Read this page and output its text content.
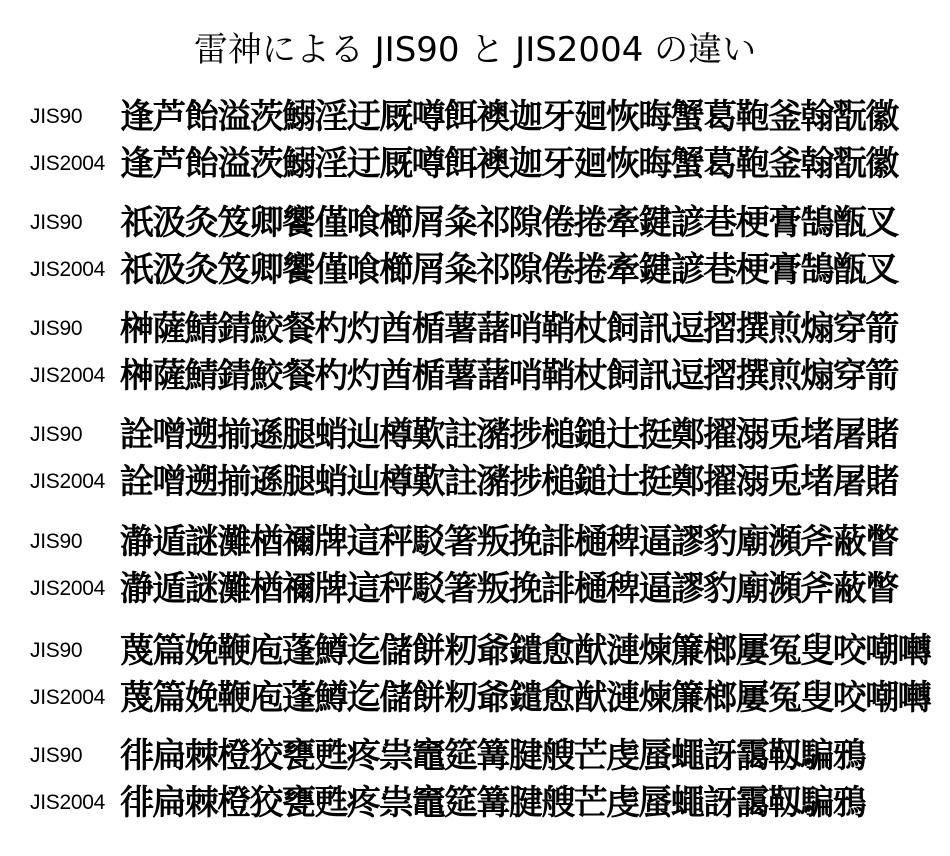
雷神による JIS90 と JIS2004 の違い
JIS90	逢芦飴溢茨鰯淫迂厩噂餌襖迦牙廻恢晦蟹葛鞄釜翰翫徽
JIS2004 逢芦飴溢茨鰯淫迂厩噂餌襖迦牙廻恢晦蟹葛鞄釜翰翫徽
JIS90	祇汲灸笈卿饗僅喰櫛屑粂祁隙倦捲牽鍵諺巷梗膏鵠甑叉
JIS2004 祇汲灸笈卿饗僅喰櫛屑粂祁隙倦捲牽鍵諺巷梗膏鵠甑叉
JIS90	榊薩鯖錆鮫餐杓灼酋楯薯藷哨鞘杖飼訊逗摺撰煎煽穿箭
JIS2004 榊薩鯖錆鮫餐杓灼酋楯薯藷哨鞘杖飼訊逗摺撰煎煽穿箭
JIS90	詮噌遡揃遜腿蛸辿樽歎註瀦捗槌鎚辻挺鄭擢溺兎堵屠賭
JIS2004 詮噌遡揃遜腿蛸辿樽歎註瀦捗槌鎚辻挺鄭擢溺兎堵屠賭
JIS90	瀞遁謎灘楢禰牌這秤駁箸叛挽誹樋稗逼謬豹廟瀕斧蔽瞥
JIS2004 瀞遁謎灘楢禰牌這秤駁箸叛挽誹樋稗逼謬豹廟瀕斧蔽瞥
JIS90	蔑篇娩鞭庖蓬鱒迄儲餅籾爺鑓愈猷漣煉簾榔屢冤叟咬嘲囀
JIS2004 蔑篇娩鞭庖蓬鱒迄儲餅籾爺鑓愈猷漣煉簾榔屢冤叟咬嘲囀
JIS90	徘扁棘橙狡甕甦疼祟竈筵篝腱艘芒虔蜃蠅訝靄靱騙鴉
JIS2004 徘扁棘橙狡甕甦疼祟竈筵篝腱艘芒虔蜃蠅訝靄靱騙鴉
